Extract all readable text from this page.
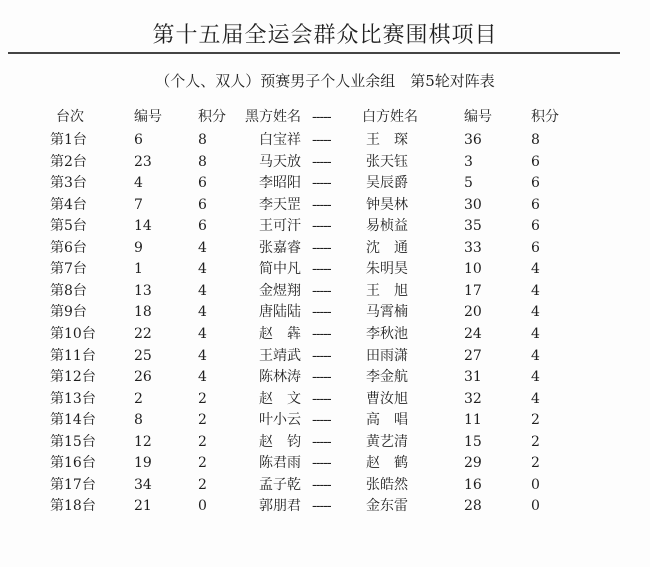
第十五届全运会群众比赛围棋项目
（个人、双人）预赛男子个人业余组　第5轮对阵表
台次	编号	积分 黑方姓名 ----- 白方姓名	编号	积分
第1台	6	8	白宝祥 -----	王　琛	36	8
第2台	23	8	马天放 -----	张天钰	3	6
第3台	4	6	李昭阳 -----	吴辰爵	5	6
第4台	7	6	李天罡 -----	钟昊林	30	6
第5台	14	6	王可汗 -----	易桢益	35	6
第6台	9	4	张嘉睿 -----	沈　通	33	6
第7台	1	4	简中凡 -----	朱明昊	10	4
第8台	13	4	金煜翔 -----	王　旭	17	4
第9台	18	4	唐陆陆 -----	马霄楠	20	4
第10台	22	4	赵　犇 -----	李秋池	24	4
第11台	25	4	王靖武 -----	田雨潇	27	4
第12台	26	4	陈林涛 -----	李金航	31	4
第13台	2	2	赵　文 -----	曹汝旭	32	4
第14台	8	2	叶小云 -----	高　唱	11	2
第15台	12	2	赵　钧 -----	黄艺清	15	2
第16台	19	2	陈君雨 -----	赵　鹤	29	2
第17台	34	2	孟子乾 -----	张皓然	16	0
第18台	21	0	郭朋君 -----	金东雷	28	0
